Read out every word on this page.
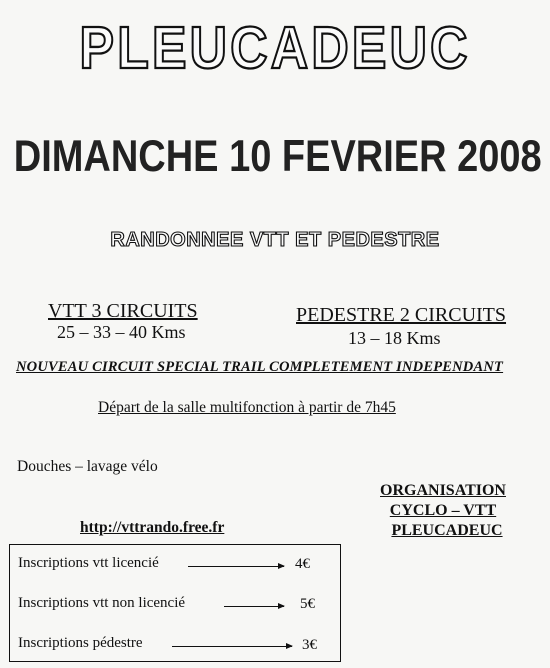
PLEUCADEUC
DIMANCHE 10 FEVRIER 2008
RANDONNEE VTT ET PEDESTRE
VTT 3 CIRCUITS
25 – 33 – 40 Kms
PEDESTRE 2 CIRCUITS
13 – 18 Kms
NOUVEAU CIRCUIT SPECIAL TRAIL COMPLETEMENT INDEPENDANT
Départ de la salle multifonction à partir de 7h45
Douches – lavage vélo
ORGANISATION
CYCLO – VTT
PLEUCADEUC
http://vttrando.free.fr
Inscriptions vtt licencié	4€
Inscriptions vtt non licencié	5€
Inscriptions pédestre	3€
